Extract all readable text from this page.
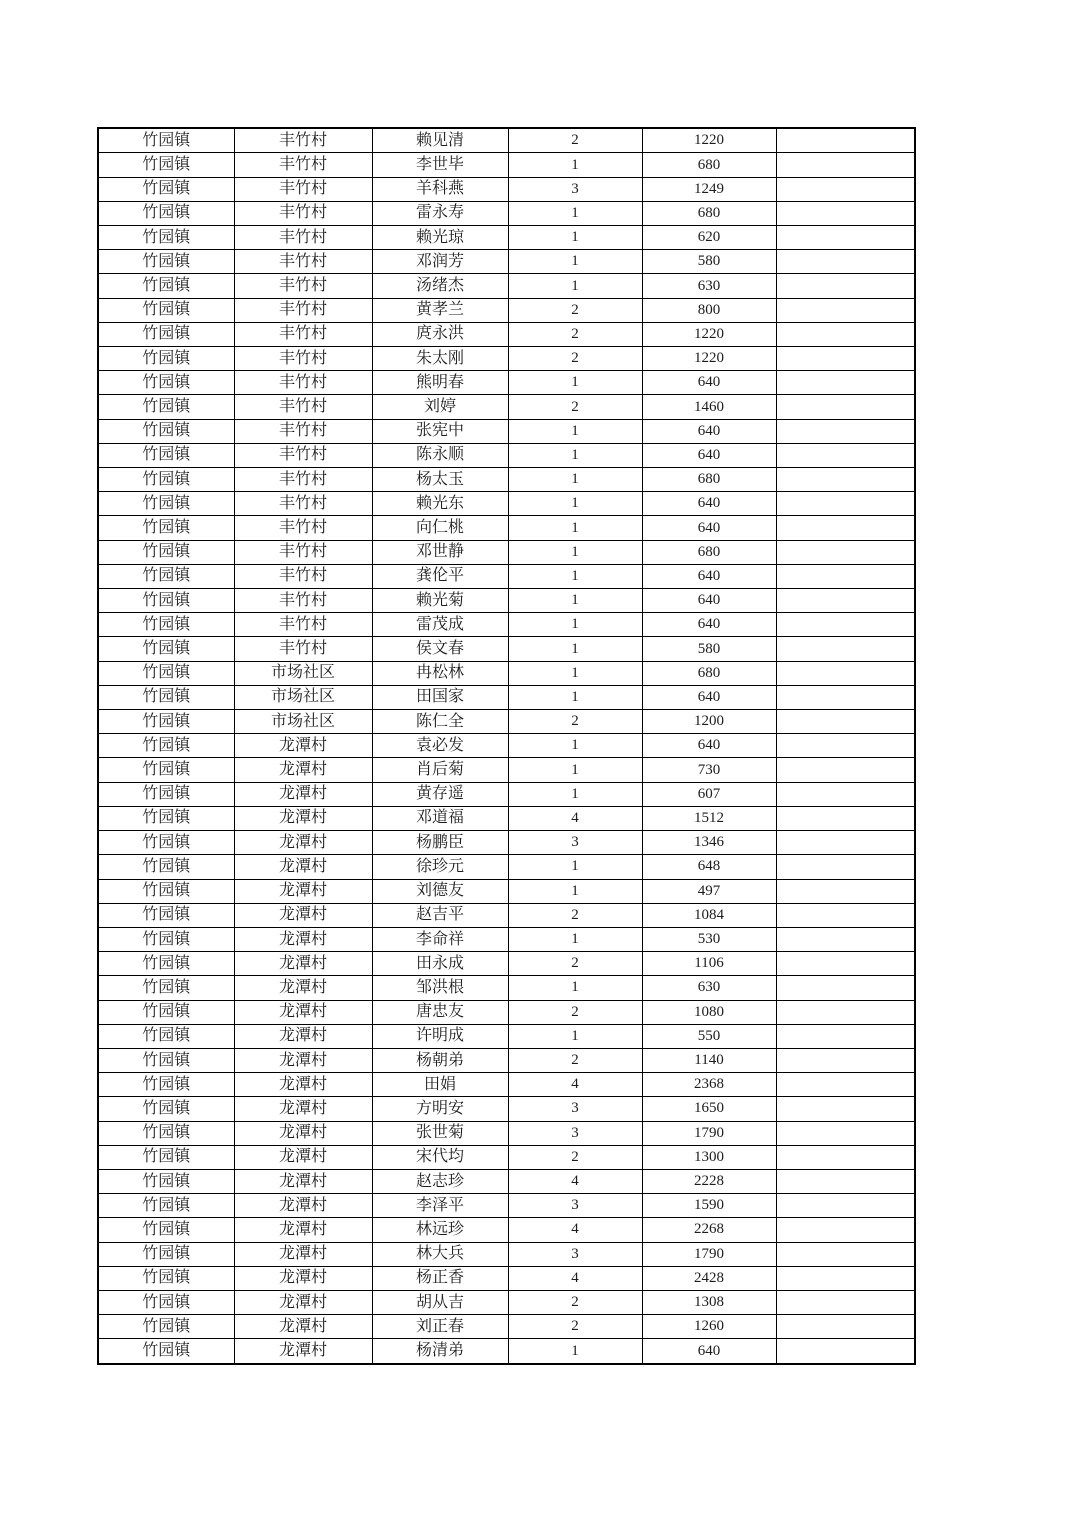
竹园镇	丰竹村	赖见清	2	1220	
竹园镇	丰竹村	李世毕	1	680	
竹园镇	丰竹村	羊科燕	3	1249	
竹园镇	丰竹村	雷永寿	1	680	
竹园镇	丰竹村	赖光琼	1	620	
竹园镇	丰竹村	邓润芳	1	580	
竹园镇	丰竹村	汤绪杰	1	630	
竹园镇	丰竹村	黄孝兰	2	800	
竹园镇	丰竹村	庹永洪	2	1220	
竹园镇	丰竹村	朱太刚	2	1220	
竹园镇	丰竹村	熊明春	1	640	
竹园镇	丰竹村	刘婷	2	1460	
竹园镇	丰竹村	张宪中	1	640	
竹园镇	丰竹村	陈永顺	1	640	
竹园镇	丰竹村	杨太玉	1	680	
竹园镇	丰竹村	赖光东	1	640	
竹园镇	丰竹村	向仁桃	1	640	
竹园镇	丰竹村	邓世静	1	680	
竹园镇	丰竹村	龚伦平	1	640	
竹园镇	丰竹村	赖光菊	1	640	
竹园镇	丰竹村	雷茂成	1	640	
竹园镇	丰竹村	侯文春	1	580	
竹园镇	市场社区	冉松林	1	680	
竹园镇	市场社区	田国家	1	640	
竹园镇	市场社区	陈仁全	2	1200	
竹园镇	龙潭村	袁必发	1	640	
竹园镇	龙潭村	肖后菊	1	730	
竹园镇	龙潭村	黄存遥	1	607	
竹园镇	龙潭村	邓道福	4	1512	
竹园镇	龙潭村	杨鹏臣	3	1346	
竹园镇	龙潭村	徐珍元	1	648	
竹园镇	龙潭村	刘德友	1	497	
竹园镇	龙潭村	赵吉平	2	1084	
竹园镇	龙潭村	李命祥	1	530	
竹园镇	龙潭村	田永成	2	1106	
竹园镇	龙潭村	邹洪根	1	630	
竹园镇	龙潭村	唐忠友	2	1080	
竹园镇	龙潭村	许明成	1	550	
竹园镇	龙潭村	杨朝弟	2	1140	
竹园镇	龙潭村	田娟	4	2368	
竹园镇	龙潭村	方明安	3	1650	
竹园镇	龙潭村	张世菊	3	1790	
竹园镇	龙潭村	宋代均	2	1300	
竹园镇	龙潭村	赵志珍	4	2228	
竹园镇	龙潭村	李泽平	3	1590	
竹园镇	龙潭村	林远珍	4	2268	
竹园镇	龙潭村	林大兵	3	1790	
竹园镇	龙潭村	杨正香	4	2428	
竹园镇	龙潭村	胡从吉	2	1308	
竹园镇	龙潭村	刘正春	2	1260	
竹园镇	龙潭村	杨清弟	1	640	
